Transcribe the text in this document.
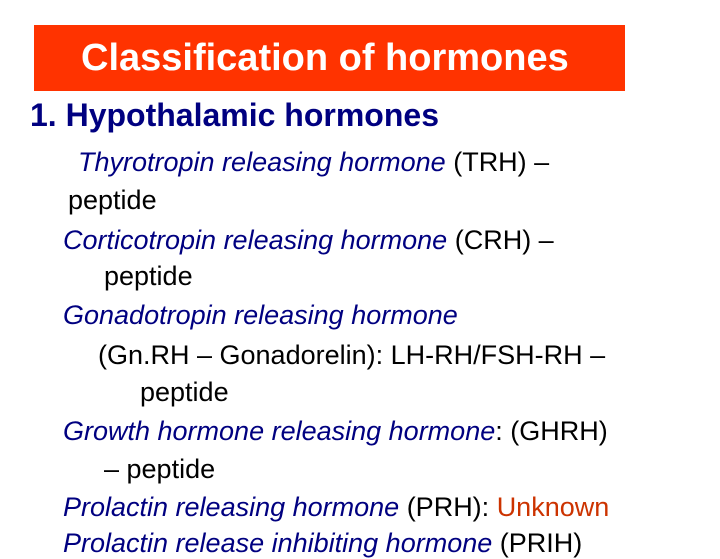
Classification of hormones
1. Hypothalamic hormones
Thyrotropin releasing hormone (TRH) –
peptide
Corticotropin releasing hormone (CRH) –
peptide
Gonadotropin releasing hormone
(Gn.RH – Gonadorelin): LH-RH/FSH-RH –
peptide
Growth hormone releasing hormone: (GHRH)
– peptide
Prolactin releasing hormone (PRH): Unknown
Prolactin release inhibiting hormone (PRIH)
